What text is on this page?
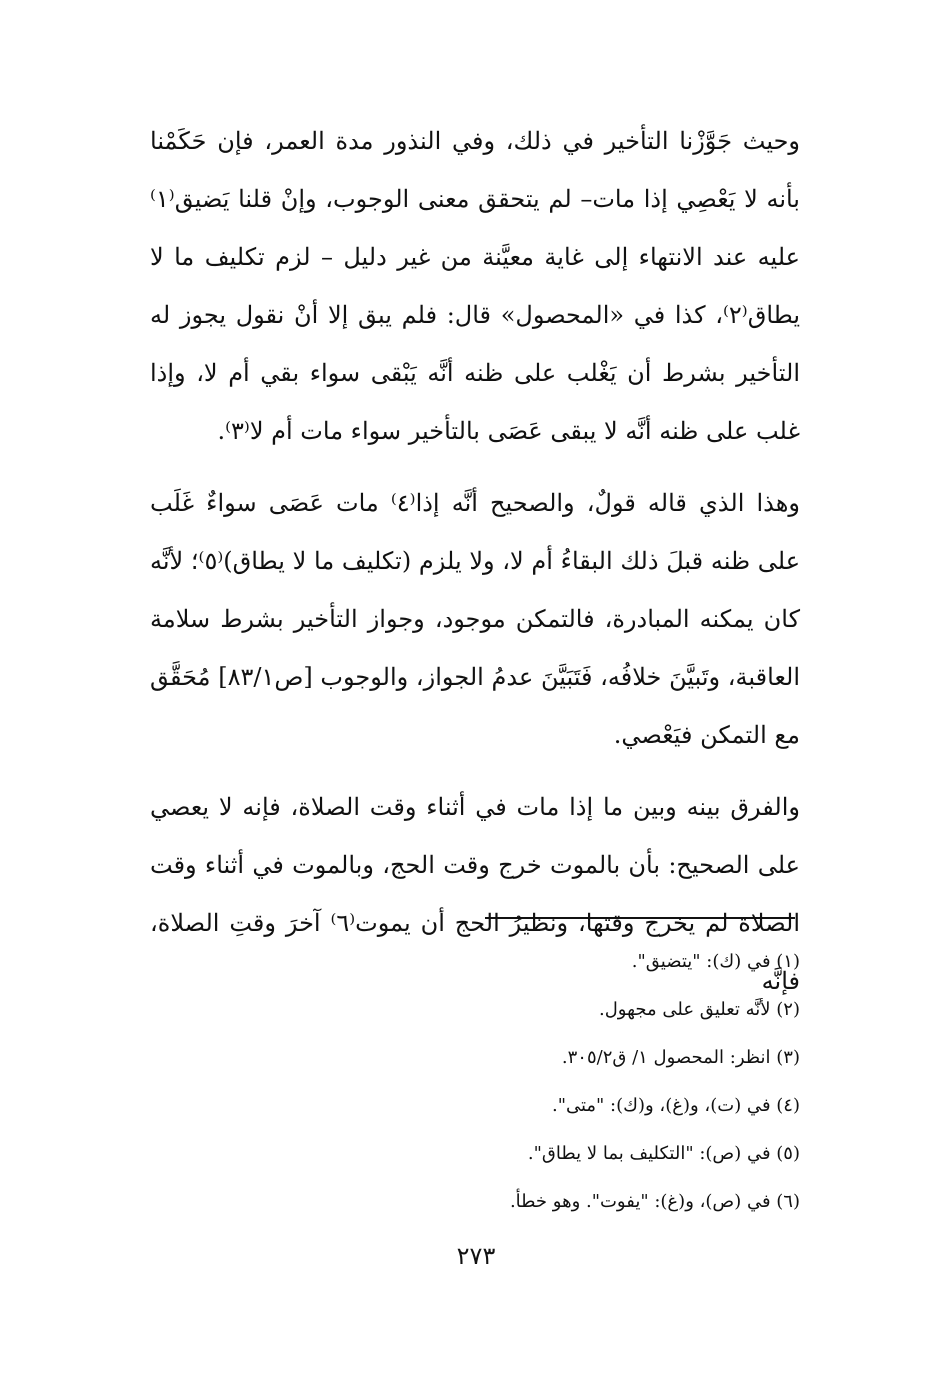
وحيث جَوَّزْنا التأخير في ذلك، وفي النذور مدة العمر، فإن حَكَمْنا بأنه لا يَعْصِي إذا مات– لم يتحقق معنى الوجوب، وإنْ قلنا يَضيق⁽١⁾ عليه عند الانتهاء إلى غاية معيَّنة من غير دليل – لزم تكليف ما لا يطاق⁽٢⁾، كذا في «المحصول» قال: فلم يبق إلا أنْ نقول يجوز له التأخير بشرط أن يَغْلب على ظنه أنَّه يَبْقى سواء بقي أم لا، وإذا غلب على ظنه أنَّه لا يبقى عَصَى بالتأخير سواء مات أم لا⁽٣⁾.

وهذا الذي قاله قولٌ، والصحيح أنَّه إذا⁽٤⁾ مات عَصَى سواءٌ غَلَب على ظنه قبلَ ذلك البقاءُ أم لا، ولا يلزم (تكليف ما لا يطاق)⁽٥⁾؛ لأنَّه كان يمكنه المبادرة، فالتمكن موجود، وجواز التأخير بشرط سلامة العاقبة، وتَبيَّنَ خلافُه، فَتَبَيَّنَ عدمُ الجواز، والوجوب [ص٨٣/١] مُحَقَّق مع التمكن فيَعْصي.

والفرق بينه وبين ما إذا مات في أثناء وقت الصلاة، فإنه لا يعصي على الصحيح: بأن بالموت خرج وقت الحج، وبالموت في أثناء وقت الصلاة لم يخرج وقتها، ونظيرُ الحج أن يموت⁽٦⁾ آخرَ وقتِ الصلاة، فإنَّه

(١) في (ك): "يتضيق".

(٢) لأنَّه تعليق على مجهول.

(٣) انظر: المحصول ١/ ق٣٠٥/٢.

(٤) في (ت)، و(غ)، و(ك): "متى".

(٥) في (ص): "التكليف بما لا يطاق".

(٦) في (ص)، و(غ): "يفوت". وهو خطأ.

٢٧٣
